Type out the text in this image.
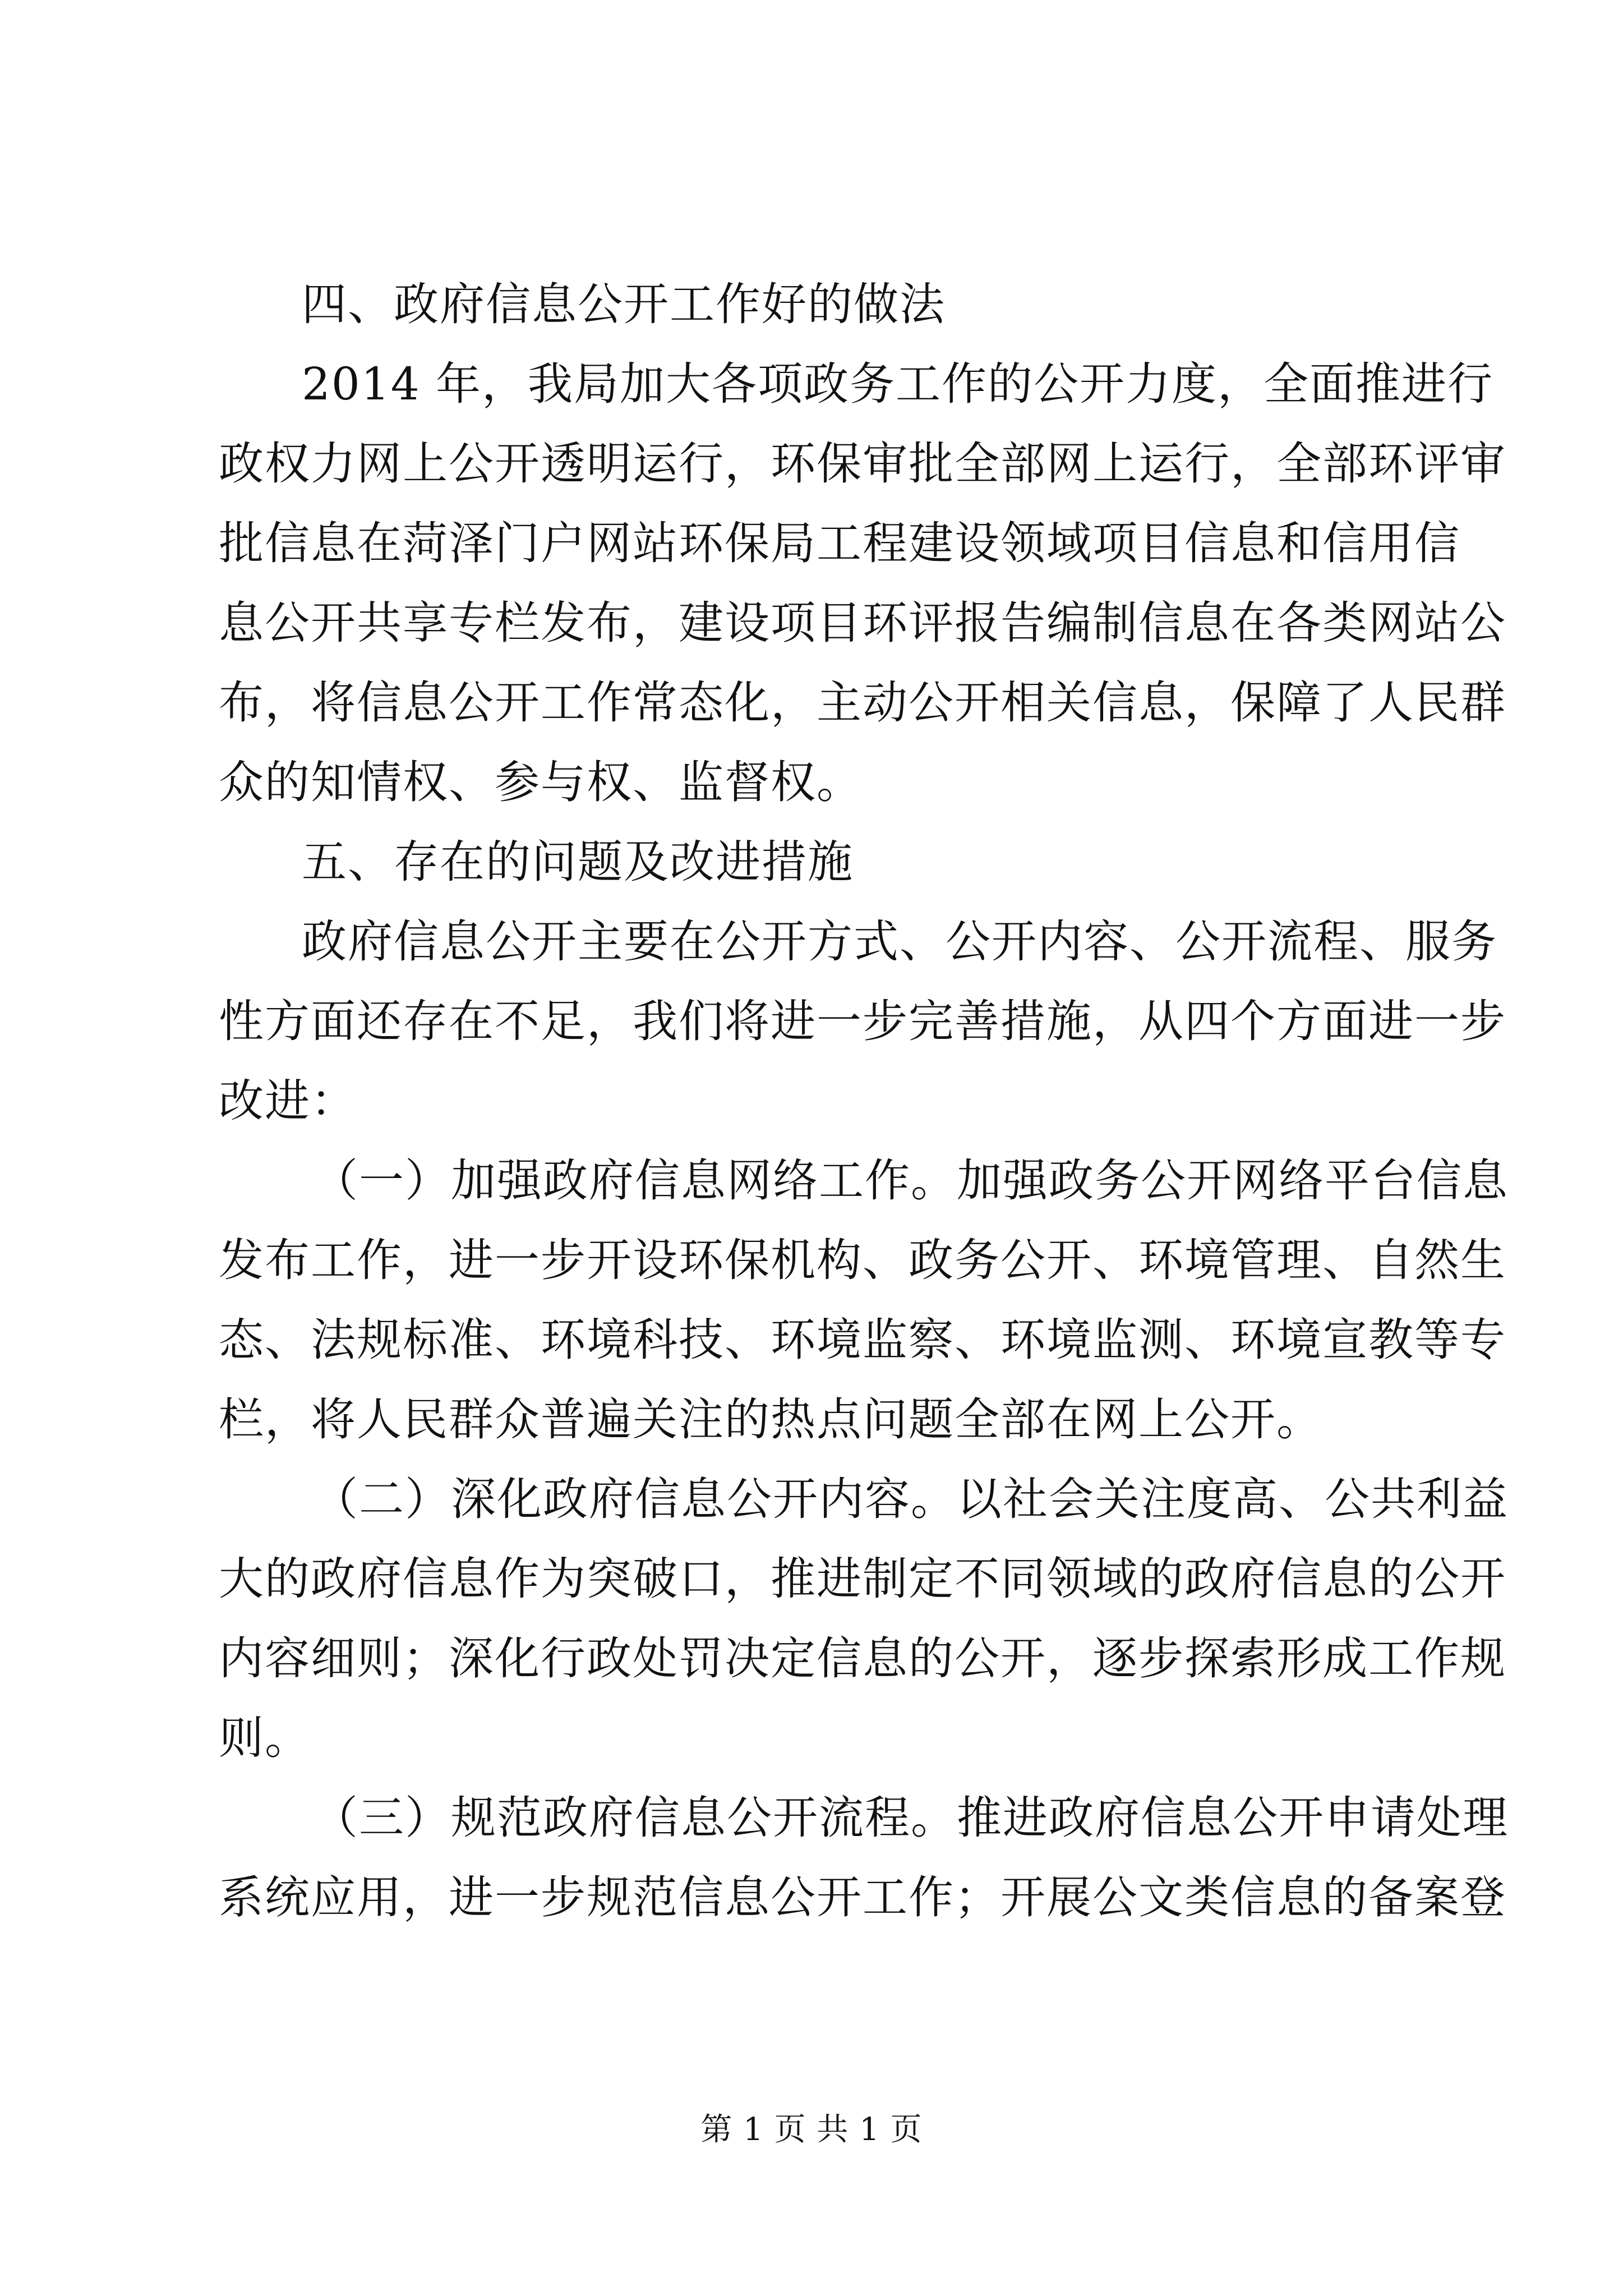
四、政府信息公开工作好的做法
2014 年，我局加大各项政务工作的公开力度，全面推进行
政权力网上公开透明运行，环保审批全部网上运行，全部环评审
批信息在菏泽门户网站环保局工程建设领域项目信息和信用信
息公开共享专栏发布，建设项目环评报告编制信息在各类网站公
布，将信息公开工作常态化，主动公开相关信息，保障了人民群
众的知情权、参与权、监督权。
五、存在的问题及改进措施
政府信息公开主要在公开方式、公开内容、公开流程、服务
性方面还存在不足，我们将进一步完善措施，从四个方面进一步
改进：
（一）加强政府信息网络工作。加强政务公开网络平台信息
发布工作，进一步开设环保机构、政务公开、环境管理、自然生
态、法规标准、环境科技、环境监察、环境监测、环境宣教等专
栏，将人民群众普遍关注的热点问题全部在网上公开。
（二）深化政府信息公开内容。以社会关注度高、公共利益
大的政府信息作为突破口，推进制定不同领域的政府信息的公开
内容细则；深化行政处罚决定信息的公开，逐步探索形成工作规
则。
（三）规范政府信息公开流程。推进政府信息公开申请处理
系统应用，进一步规范信息公开工作；开展公文类信息的备案登
第 1 页 共 1 页
